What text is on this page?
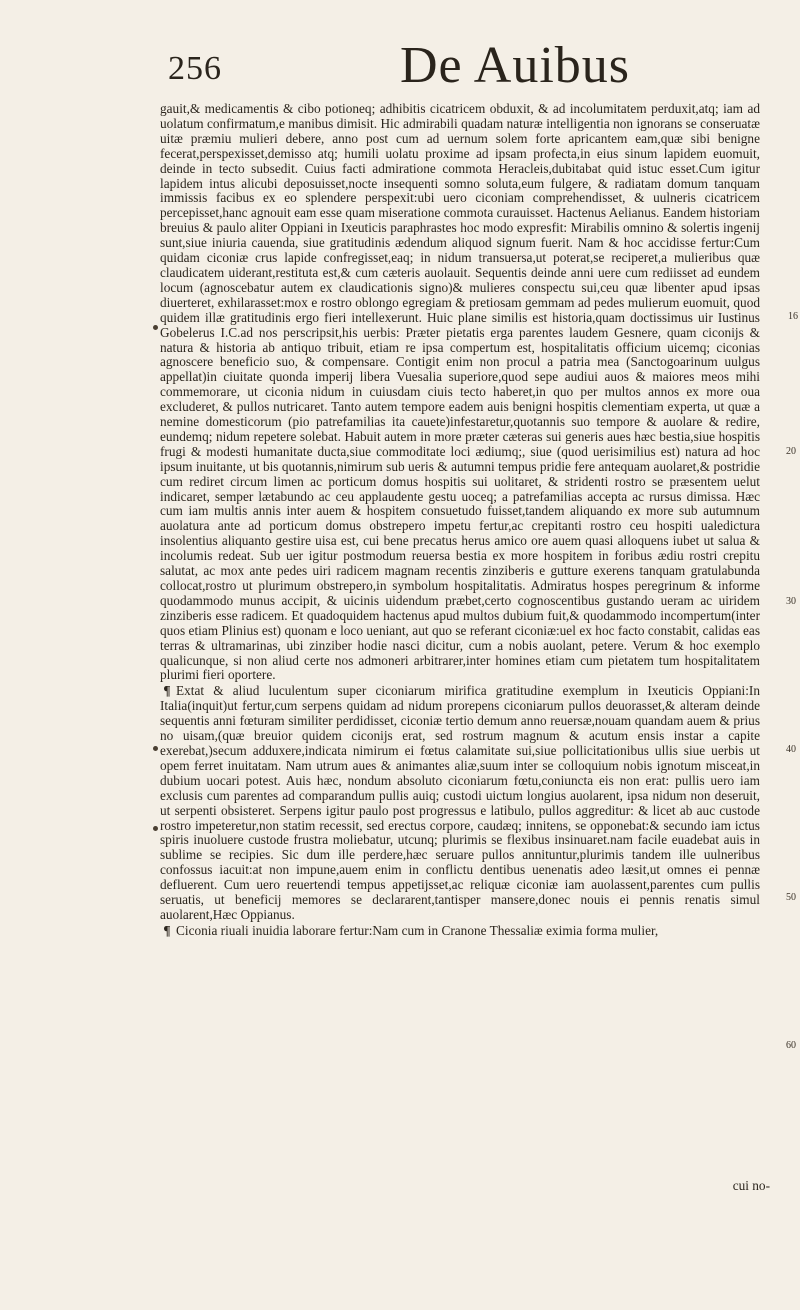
256	De Auibus

gauit,& medicamentis & cibo potioneq; adhibitis cicatricem obduxit, & ad incolumitatem perduxit,atq; iam ad uolatum confirmatum,e manibus dimisit. Hic admirabili quadam naturæ intelligentia non ignorans se conseruatæ uitæ præmiu mulieri debere, anno post cum ad uernum solem forte apricantem eam,quæ sibi benigne fecerat,perspexisset,demisso atq; humili uolatu proxime ad ipsam profecta,in eius sinum lapidem euomuit, deinde in tecto subsedit. Cuius facti admiratione commota Heracleis,dubitabat quid istuc esset.Cum igitur lapidem intus alicubi deposuisset,nocte insequenti somno soluta,eum fulgere, & radiatam domum tanquam immissis facibus ex eo splendere perspexit:ubi uero ciconiam comprehendisset, & uulneris cicatricem percepisset,hanc agnouit eam esse quam miseratione commota curauisset. Hactenus Aelianus. Eandem historiam breuius & paulo aliter Oppiani in Ixeuticis paraphrastes hoc modo expresfit: Mirabilis omnino & solertis ingenij sunt,siue iniuria cauenda, siue gratitudinis ædendum aliquod signum fuerit. Nam & hoc accidisse fertur:Cum quidam ciconiæ crus lapide confregisset,eaq; in nidum transuersa,ut poterat,se reciperet,a mulieribus quæ claudicatem uiderant,restituta est,& cum cæteris auolauit. Sequentis deinde anni uere cum rediisset ad eundem locum (agnoscebatur autem ex claudicationis signo)& mulieres conspectu sui,ceu quæ libenter apud ipsas diuerteret, exhilarasset:mox e rostro oblongo egregiam & pretiosam gemmam ad pedes mulierum euomuit, quod quidem illæ gratitudinis ergo fieri intellexerunt. Huic plane similis est historia,quam doctissimus uir Iustinus Gobelerus I.C.ad nos perscripsit,his uerbis: Præter pietatis erga parentes laudem Gesnere, quam ciconijs & natura & historia ab antiquo tribuit, etiam re ipsa compertum est, hospitalitatis officium uicemq; ciconias agnoscere beneficio suo, & compensare. Contigit enim non procul a patria mea (Sanctogoarinum uulgus appellat)in ciuitate quonda imperij libera Vuesalia superiore,quod sepe audiui auos & maiores meos mihi commemorare, ut ciconia nidum in cuiusdam ciuis tecto haberet,in quo per multos annos ex more oua excluderet, & pullos nutricaret. Tanto autem tempore eadem auis benigni hospitis clementiam experta, ut quæ a nemine domesticorum (pio patrefamilias ita cauete)infestaretur,quotannis suo tempore & auolare & redire, eundemq; nidum repetere solebat. Habuit autem in more præter cæteras sui generis aues hæc bestia,siue hospitis frugi & modesti humanitate ducta,siue commoditate loci ædiumq;, siue (quod uerisimilius est) natura ad hoc ipsum inuitante, ut bis quotannis,nimirum sub ueris & autumni tempus pridie fere antequam auolaret,& postridie cum rediret circum limen ac porticum domus hospitis sui uolitaret, & stridenti rostro se præsentem uelut indicaret, semper lætabundo ac ceu applaudente gestu uoceq; a patrefamilias accepta ac rursus dimissa. Hæc cum iam multis annis inter auem & hospitem consuetudo fuisset,tandem aliquando ex more sub autumnum auolatura ante ad porticum domus obstrepero impetu fertur,ac crepitanti rostro ceu hospiti ualedictura insolentius aliquanto gestire uisa est, cui bene precatus herus amico ore auem quasi alloquens iubet ut salua & incolumis redeat. Sub uer igitur postmodum reuersa bestia ex more hospitem in foribus ædiu rostri crepitu salutat, ac mox ante pedes uiri radicem magnam recentis zinziberis e gutture exerens tanquam gratulabunda collocat,rostro ut plurimum obstrepero,in symbolum hospitalitatis. Admiratus hospes peregrinum & informe quodammodo munus accipit, & uicinis uidendum præbet,certo cognoscentibus gustando ueram ac uiridem zinziberis esse radicem. Et quadoquidem hactenus apud multos dubium fuit,& quodammodo incompertum(inter quos etiam Plinius est) quonam e loco ueniant, aut quo se referant ciconiæ:uel ex hoc facto constabit, calidas eas terras & ultramarinas, ubi zinziber hodie nasci dicitur, cum a nobis auolant, petere. Verum & hoc exemplo qualicunque, si non aliud certe nos admoneri arbitrarer,inter homines etiam cum pietatem tum hospitalitatem plurimi fieri oportere.

¶ Extat & aliud luculentum super ciconiarum mirifica gratitudine exemplum in Ixeuticis Oppiani:In Italia(inquit)ut fertur,cum serpens quidam ad nidum prorepens ciconiarum pullos deuorasset,& alteram deinde sequentis anni fœturam similiter perdidisset, ciconiæ tertio demum anno reuersæ,nouam quandam auem & prius no uisam,(quæ breuior quidem ciconijs erat, sed rostrum magnum & acutum ensis instar a capite exerebat,)secum adduxere,indicata nimirum ei fœtus calamitate sui,siue pollicitationibus ullis siue uerbis ut opem ferret inuitatam. Nam utrum aues & animantes aliæ,suum inter se colloquium nobis ignotum misceat,in dubium uocari potest. Auis hæc, nondum absoluto ciconiarum fœtu,coniuncta eis non erat: pullis uero iam exclusis cum parentes ad comparandum pullis auiq; custodi uictum longius auolarent, ipsa nidum non deseruit, ut serpenti obsisteret. Serpens igitur paulo post progressus e latibulo, pullos aggreditur: & licet ab auc custode rostro impeteretur,non statim recessit, sed erectus corpore, caudæq; innitens, se opponebat:& secundo iam ictus spiris inuoluere custode frustra moliebatur, utcunq; plurimis se flexibus insinuaret.nam facile euadebat auis in sublime se recipies. Sic dum ille perdere,hæc seruare pullos annituntur,plurimis tandem ille uulneribus confossus iacuit:at non impune,auem enim in conflictu dentibus uenenatis adeo læsit,ut omnes ei pennæ defluerent. Cum uero reuertendi tempus appetijsset,ac reliquæ ciconiæ iam auolassent,parentes cum pullis seruatis, ut beneficij memores se declararent,tantisper mansere,donec nouis ei pennis renatis simul auolarent,Hæc Oppianus.

¶ Ciconia riuali inuidia laborare fertur:Nam cum in Cranone Thessaliæ eximia forma mulier,

16
20
30
40
50
60
cui no-
